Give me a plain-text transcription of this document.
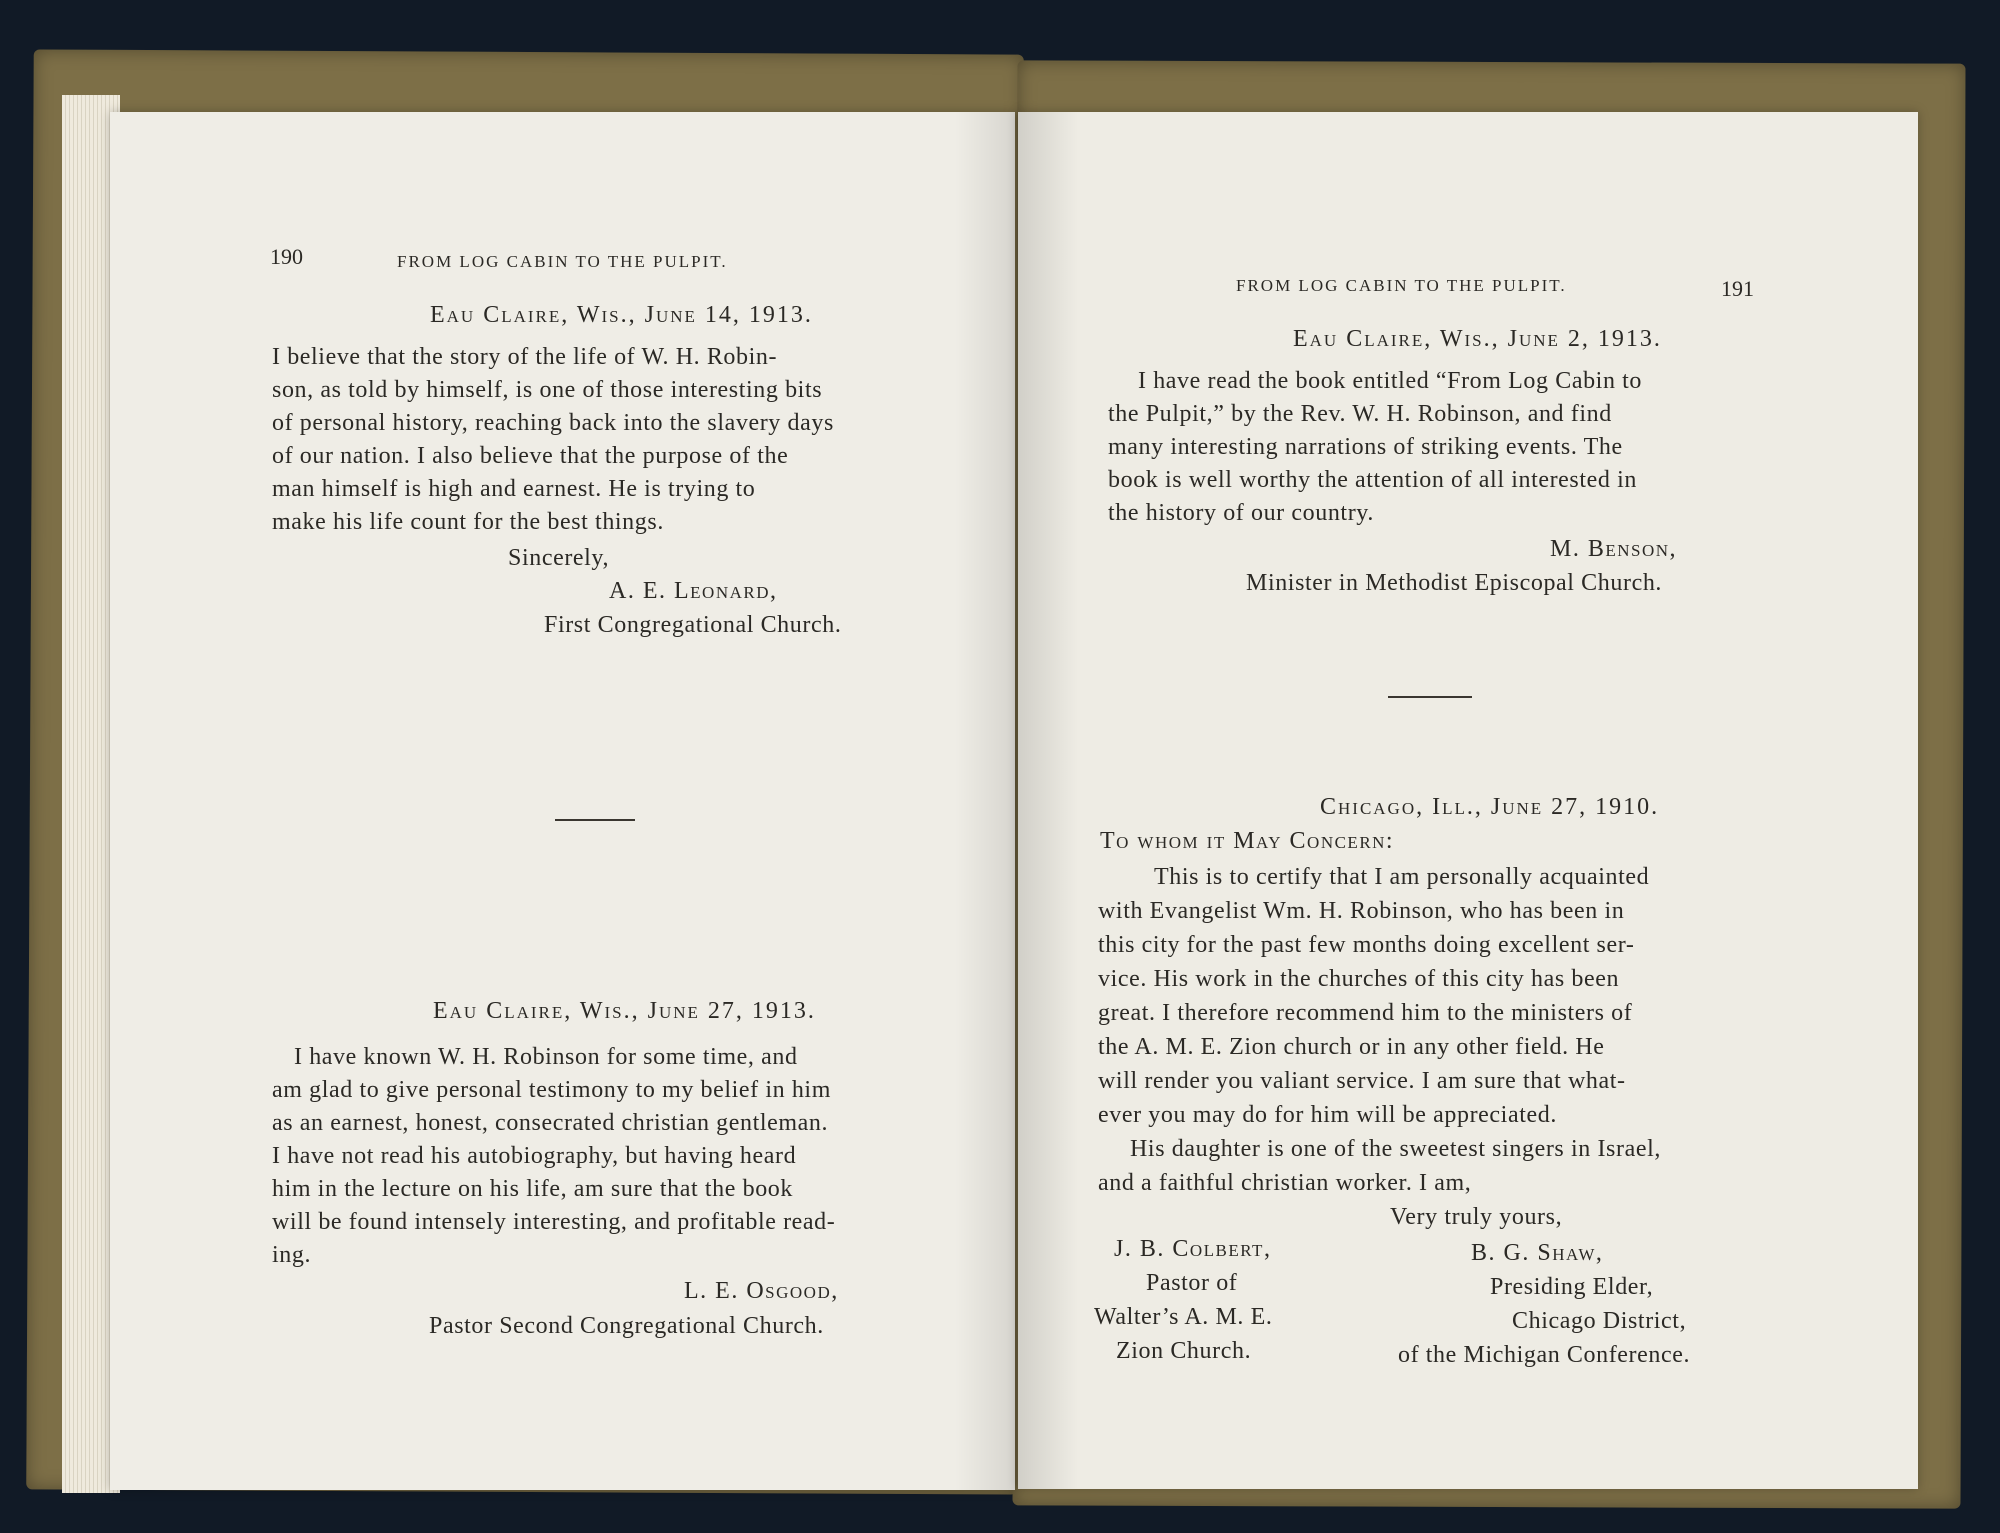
190	FROM LOG CABIN TO THE PULPIT.
Eau Claire, Wis., June 14, 1913.
I believe that the story of the life of W. H. Robin-
son, as told by himself, is one of those interesting bits
of personal history, reaching back into the slavery days
of our nation. I also believe that the purpose of the
man himself is high and earnest. He is trying to
make his life count for the best things.
Sincerely,
A. E. Leonard,
First Congregational Church.
Eau Claire, Wis., June 27, 1913.
I have known W. H. Robinson for some time, and
am glad to give personal testimony to my belief in him
as an earnest, honest, consecrated christian gentleman.
I have not read his autobiography, but having heard
him in the lecture on his life, am sure that the book
will be found intensely interesting, and profitable read-
ing.
L. E. Osgood,
Pastor Second Congregational Church.
FROM LOG CABIN TO THE PULPIT.	191
Eau Claire, Wis., June 2, 1913.
I have read the book entitled “From Log Cabin to
the Pulpit,” by the Rev. W. H. Robinson, and find
many interesting narrations of striking events. The
book is well worthy the attention of all interested in
the history of our country.
M. Benson,
Minister in Methodist Episcopal Church.
Chicago, Ill., June 27, 1910.
To whom it May Concern:
This is to certify that I am personally acquainted
with Evangelist Wm. H. Robinson, who has been in
this city for the past few months doing excellent ser-
vice. His work in the churches of this city has been
great. I therefore recommend him to the ministers of
the A. M. E. Zion church or in any other field. He
will render you valiant service. I am sure that what-
ever you may do for him will be appreciated.
His daughter is one of the sweetest singers in Israel,
and a faithful christian worker. I am,
Very truly yours,
J. B. Colbert,
Pastor of
Walter’s A. M. E.
Zion Church.
B. G. Shaw,
Presiding Elder,
Chicago District,
of the Michigan Conference.
